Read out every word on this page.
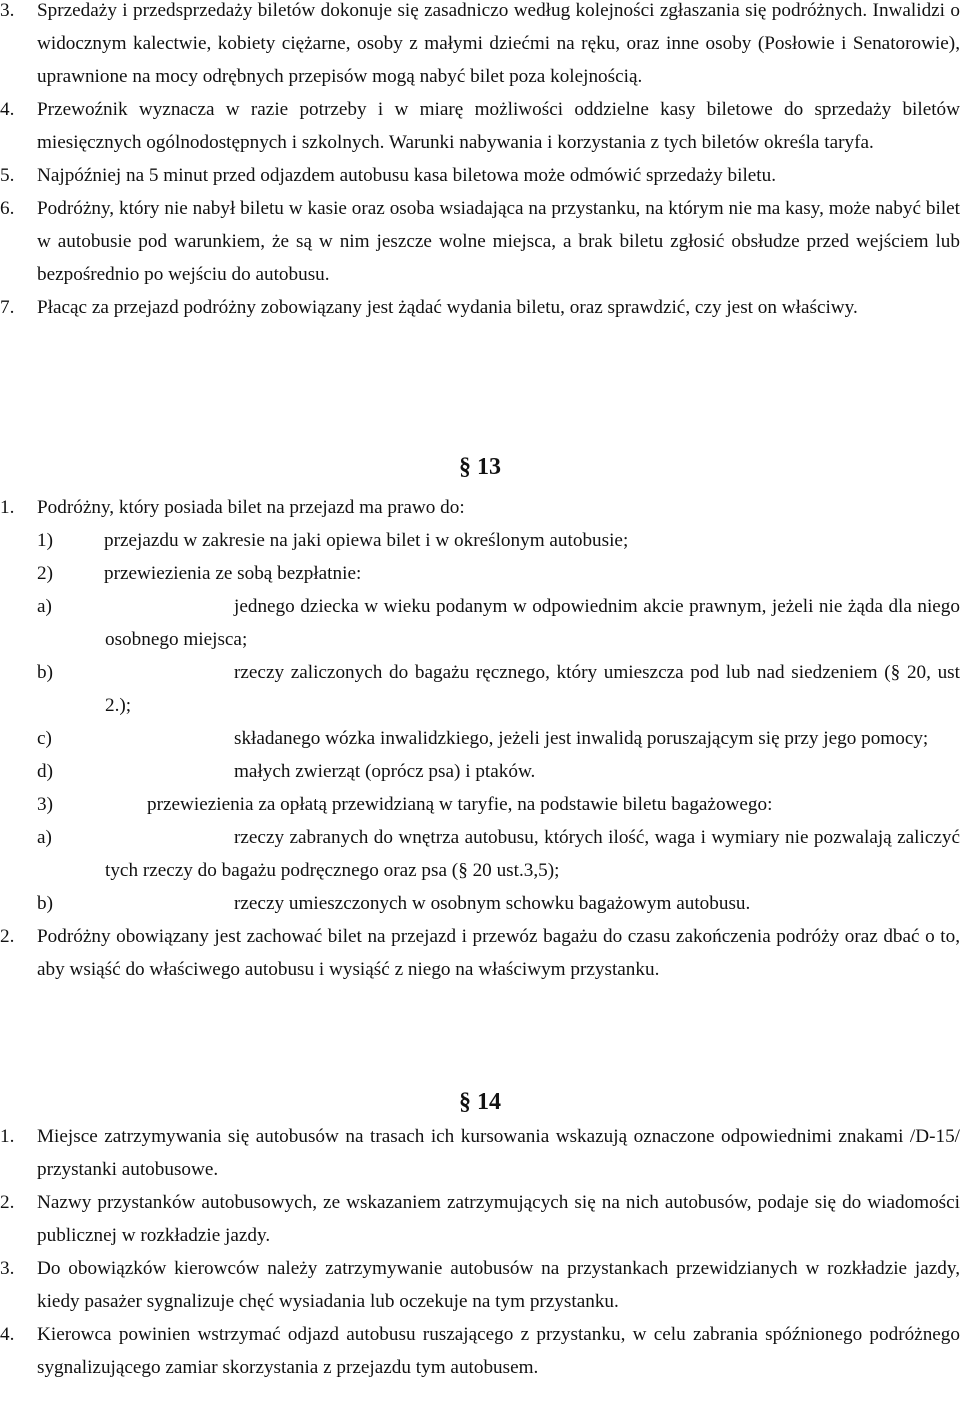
3. Sprzedaży i przedsprzedaży biletów dokonuje się zasadniczo według kolejności zgłaszania się podróżnych. Inwalidzi o widocznym kalectwie, kobiety ciężarne, osoby z małymi dziećmi na ręku, oraz inne osoby (Posłowie i Senatorowie), uprawnione na mocy odrębnych przepisów mogą nabyć bilet poza kolejnością.

4. Przewoźnik wyznacza w razie potrzeby i w miarę możliwości oddzielne kasy biletowe do sprzedaży biletów miesięcznych ogólnodostępnych i szkolnych. Warunki nabywania i korzystania z tych biletów określa taryfa.

5. Najpóźniej na 5 minut przed odjazdem autobusu kasa biletowa może odmówić sprzedaży biletu.

6. Podróżny, który nie nabył biletu w kasie oraz osoba wsiadająca na przystanku, na którym nie ma kasy, może nabyć bilet w autobusie pod warunkiem, że są w nim jeszcze wolne miejsca, a brak biletu zgłosić obsłudze przed wejściem lub bezpośrednio po wejściu do autobusu.

7. Płacąc za przejazd podróżny zobowiązany jest żądać wydania biletu, oraz sprawdzić, czy jest on właściwy.

§ 13

1. Podróżny, który posiada bilet na przejazd ma prawo do:

1)	przejazdu w zakresie na jaki opiewa bilet i w określonym autobusie;

2)	przewiezienia ze sobą bezpłatnie:

a)	jednego dziecka w wieku podanym w odpowiednim akcie prawnym, jeżeli nie żąda dla niego osobnego miejsca;

b)	rzeczy zaliczonych do bagażu ręcznego, który umieszcza pod lub nad siedzeniem (§ 20, ust 2.);

c)	składanego wózka inwalidzkiego, jeżeli jest inwalidą poruszającym się przy jego pomocy;

d)	małych zwierząt (oprócz psa) i ptaków.

3)	przewiezienia za opłatą przewidzianą w taryfie, na podstawie biletu bagażowego:

a)	rzeczy zabranych do wnętrza autobusu, których ilość, waga i wymiary nie pozwalają zaliczyć tych rzeczy do bagażu podręcznego oraz psa (§ 20 ust.3,5);

b)	rzeczy umieszczonych w osobnym schowku bagażowym autobusu.

2. Podróżny obowiązany jest zachować bilet na przejazd i przewóz bagażu do czasu zakończenia podróży oraz dbać o to, aby wsiąść do właściwego autobusu i wysiąść z niego na właściwym przystanku.

§ 14

1. Miejsce zatrzymywania się autobusów na trasach ich kursowania wskazują oznaczone odpowiednimi znakami /D-15/ przystanki autobusowe.

2. Nazwy przystanków autobusowych, ze wskazaniem zatrzymujących się na nich autobusów, podaje się do wiadomości publicznej w rozkładzie jazdy.

3. Do obowiązków kierowców należy zatrzymywanie autobusów na przystankach przewidzianych w rozkładzie jazdy, kiedy pasażer sygnalizuje chęć wysiadania lub oczekuje na tym przystanku.

4. Kierowca powinien wstrzymać odjazd autobusu ruszającego z przystanku, w celu zabrania spóźnionego podróżnego sygnalizującego zamiar skorzystania z przejazdu tym autobusem.
